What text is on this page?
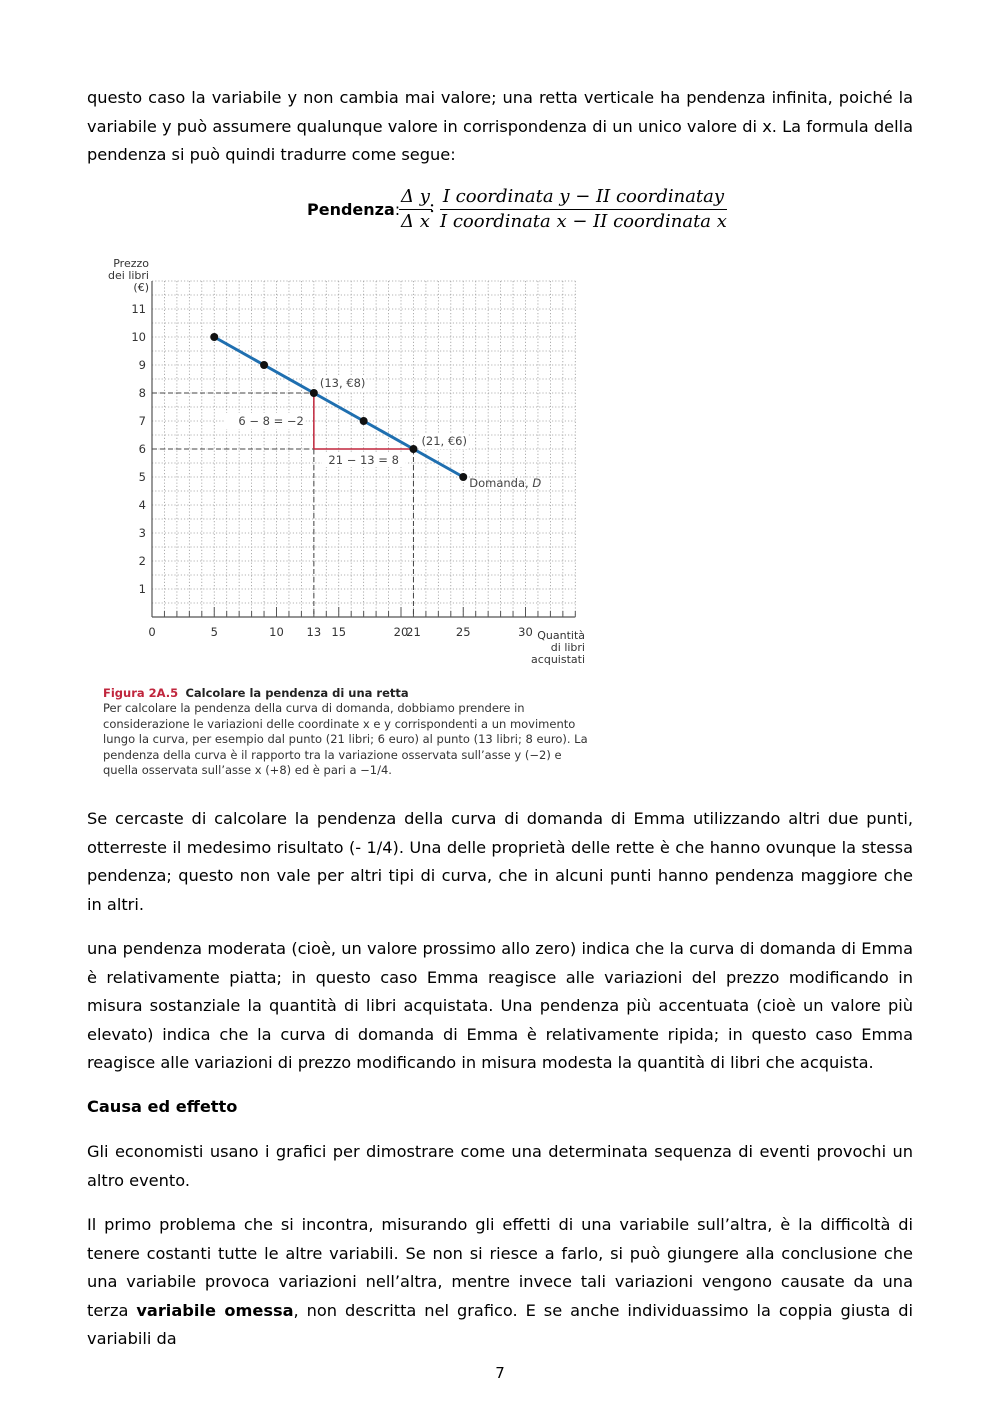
questo caso la variabile y non cambia mai valore; una retta verticale ha pendenza infinita, poiché la variabile y può assumere qualunque valore in corrispondenza di un unico valore di x. La formula della pendenza si può quindi tradurre come segue:

Pendenza:
$\frac{\text{Δ y}}{\text{Δ x}}$
: I coordinata y − II coordinatay
I coordinata x − II coordinata x
0	5	10 13 15	20
21	25	30
1
2
3
4
5
6
7
8
9
10
11
Prezzo
dei libri
(€)
Quantità
di libri
acquistati
(13, €8)
(21, €6)
6 − 8 = −2
21 − 13 = 8
Domanda, D
Figura 2A.5 Calcolare la pendenza di una retta
Per calcolare la pendenza della curva di domanda, dobbiamo prendere in considerazione le variazioni delle coordinate x e y corrispondenti a un movimento lungo la curva, per esempio dal punto (21 libri; 6 euro) al punto (13 libri; 8 euro). La pendenza della curva è il rapporto tra la variazione osservata sull’asse y (−2) e quella osservata sull’asse x (+8) ed è pari a −1/4.

Se cercaste di calcolare la pendenza della curva di domanda di Emma utilizzando altri due punti, otterreste il medesimo risultato (- 1/4). Una delle proprietà delle rette è che hanno ovunque la stessa pendenza; questo non vale per altri tipi di curva, che in alcuni punti hanno pendenza maggiore che in altri.

una pendenza moderata (cioè, un valore prossimo allo zero) indica che la curva di domanda di Emma è relativamente piatta; in questo caso Emma reagisce alle variazioni del prezzo modificando in misura sostanziale la quantità di libri acquistata. Una pendenza più accentuata (cioè un valore più elevato) indica che la curva di domanda di Emma è relativamente ripida; in questo caso Emma reagisce alle variazioni di prezzo modificando in misura modesta la quantità di libri che acquista.

Causa ed effetto

Gli economisti usano i grafici per dimostrare come una determinata sequenza di eventi provochi un altro evento.

Il primo problema che si incontra, misurando gli effetti di una variabile sull’altra, è la difficoltà di tenere costanti tutte le altre variabili. Se non si riesce a farlo, si può giungere alla conclusione che una variabile provoca variazioni nell’altra, mentre invece tali variazioni vengono causate da una terza variabile omessa, non descritta nel grafico. E se anche individuassimo la coppia giusta di variabili da

7
